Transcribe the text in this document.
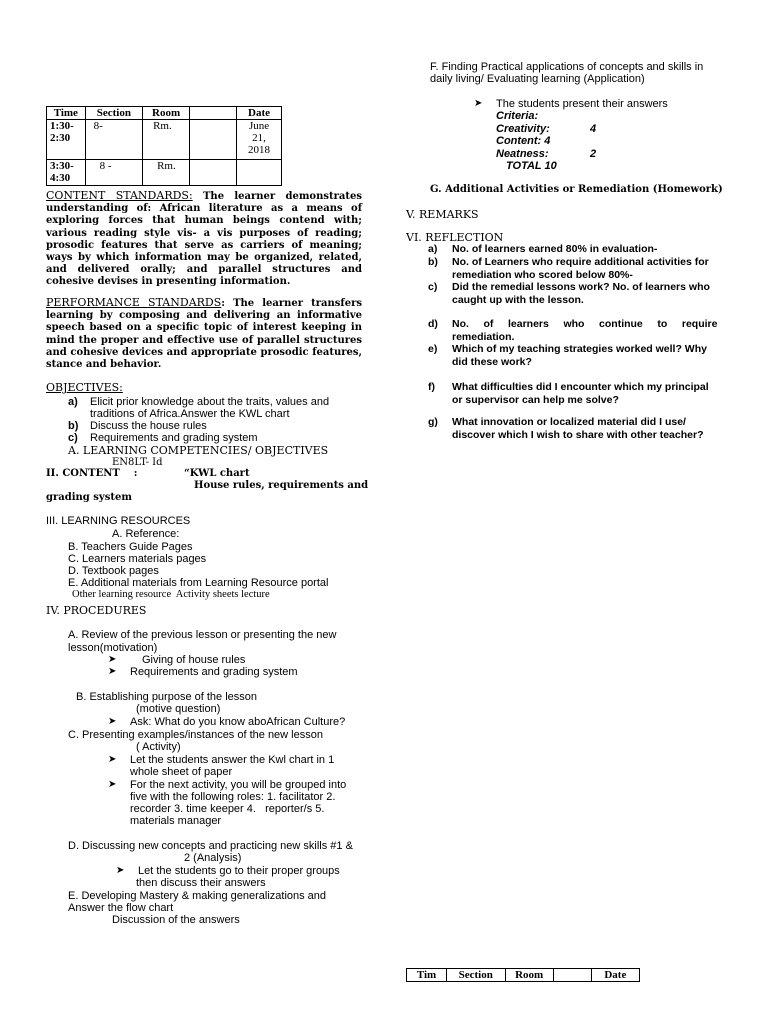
Time	Section	Room		Date
1:30-
2:30	8-	Rm.		June
21,
2018
3:30-
4:30	8 -	Rm.		
CONTENT STANDARDS: The learner demonstrates understanding of: African literature as a means of exploring forces that human beings contend with; various reading style vis- a vis purposes of reading; prosodic features that serve as carriers of meaning; ways by which information may be organized, related, and delivered orally; and parallel structures and cohesive devises in presenting information.
PERFORMANCE STANDARDS: The learner transfers learning by composing and delivering an informative speech based on a specific topic of interest keeping in mind the proper and effective use of parallel structures and cohesive devices and appropriate prosodic features, stance and behavior.
OBJECTIVES:
a) Elicit prior knowledge about the traits, values and
traditions of Africa.Answer the KWL chart
b) Discuss the house rules
c) Requirements and grading system
A. LEARNING COMPETENCIES/ OBJECTIVES
EN8LT- Id
II. CONTENT    :	“KWL chart
House rules, requirements and
grading system
III. LEARNING RESOURCES
A. Reference:
B. Teachers Guide Pages
C. Learners materials pages
D. Textbook pages
E. Additional materials from Learning Resource portal
Other learning resource  Activity sheets lecture
IV. PROCEDURES
A. Review of the previous lesson or presenting the new
lesson(motivation)
➤ Giving of house rules
➤ Requirements and grading system
B. Establishing purpose of the lesson
(motive question)
➤ Ask: What do you know aboAfrican Culture?
C. Presenting examples/instances of the new lesson
( Activity)
➤ Let the students answer the Kwl chart in 1
whole sheet of paper
➤ For the next activity, you will be grouped into
five with the following roles: 1. facilitator 2.
recorder 3. time keeper 4.   reporter/s 5.
materials manager
D. Discussing new concepts and practicing new skills #1 &
2 (Analysis)
➤ Let the students go to their proper groups
then discuss their answers
E. Developing Mastery & making generalizations and
Answer the flow chart
Discussion of the answers
F. Finding Practical applications of concepts and skills in
daily living/ Evaluating learning (Application)
➤ The students present their answers
Criteria:
Creativity:	4
Content: 4
Neatness:	2
TOTAL 10
G. Additional Activities or Remediation (Homework)
V. REMARKS
VI. REFLECTION
a) No. of learners earned 80% in evaluation-
b) No. of Learners who require additional activities for
remediation who scored below 80%-
c) Did the remedial lessons work? No. of learners who
caught up with the lesson.
d) No.     of     learners     who     continue     to     require
remediation.
e) Which of my teaching strategies worked well? Why
did these work?
f) What difficulties did I encounter which my principal
or supervisor can help me solve?
g) What innovation or localized material did I use/
discover which I wish to share with other teacher?
Tim	Section	Room		Date
